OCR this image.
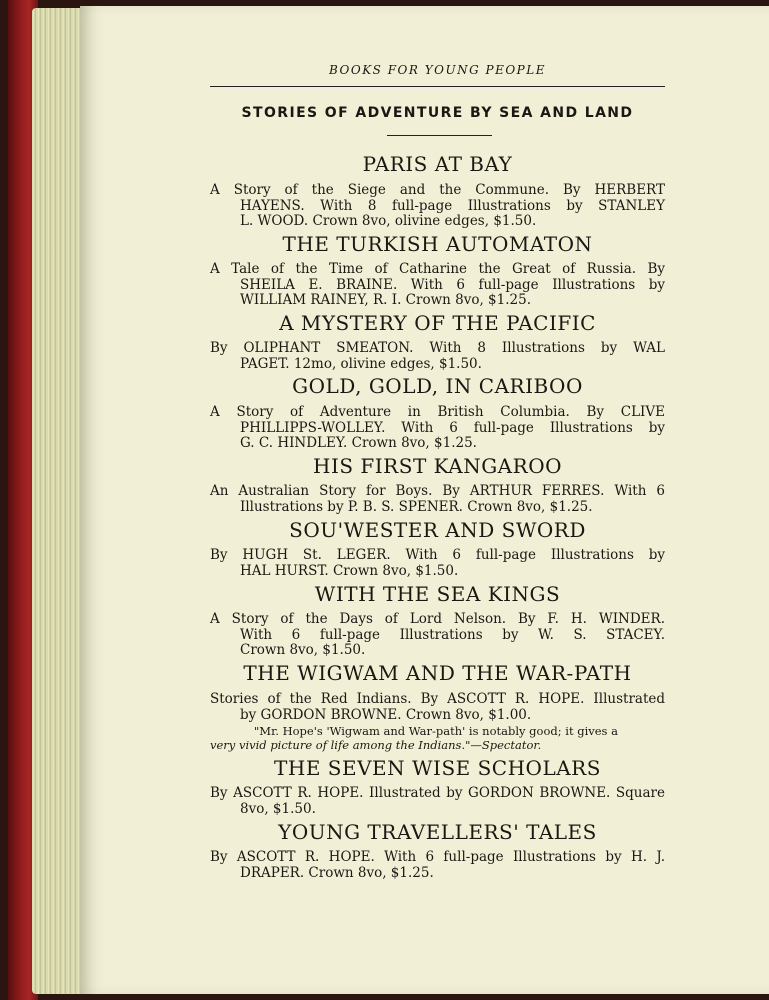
BOOKS FOR YOUNG PEOPLE
STORIES OF ADVENTURE BY SEA AND LAND
PARIS AT BAY
A Story of the Siege and the Commune. By HERBERT
HAYENS. With 8 full-page Illustrations by STANLEY
L. WOOD. Crown 8vo, olivine edges, $1.50.
THE TURKISH AUTOMATON
A Tale of the Time of Catharine the Great of Russia. By
SHEILA E. BRAINE. With 6 full-page Illustrations by
WILLIAM RAINEY, R. I. Crown 8vo, $1.25.
A MYSTERY OF THE PACIFIC
By OLIPHANT SMEATON. With 8 Illustrations by WAL
PAGET. 12mo, olivine edges, $1.50.
GOLD, GOLD, IN CARIBOO
A Story of Adventure in British Columbia. By CLIVE
PHILLIPPS-WOLLEY. With 6 full-page Illustrations by
G. C. HINDLEY. Crown 8vo, $1.25.
HIS FIRST KANGAROO
An Australian Story for Boys. By ARTHUR FERRES. With 6
Illustrations by P. B. S. SPENER. Crown 8vo, $1.25.
SOU'WESTER AND SWORD
By HUGH St. LEGER. With 6 full-page Illustrations by
HAL HURST. Crown 8vo, $1.50.
WITH THE SEA KINGS
A Story of the Days of Lord Nelson. By F. H. WINDER.
With 6 full-page Illustrations by W. S. STACEY.
Crown 8vo, $1.50.
THE WIGWAM AND THE WAR-PATH
Stories of the Red Indians. By ASCOTT R. HOPE. Illustrated
by GORDON BROWNE. Crown 8vo, $1.00.
"Mr. Hope's 'Wigwam and War-path' is notably good; it gives a
very vivid picture of life among the Indians."—Spectator.
THE SEVEN WISE SCHOLARS
By ASCOTT R. HOPE. Illustrated by GORDON BROWNE. Square
8vo, $1.50.
YOUNG TRAVELLERS' TALES
By ASCOTT R. HOPE. With 6 full-page Illustrations by H. J.
DRAPER. Crown 8vo, $1.25.
